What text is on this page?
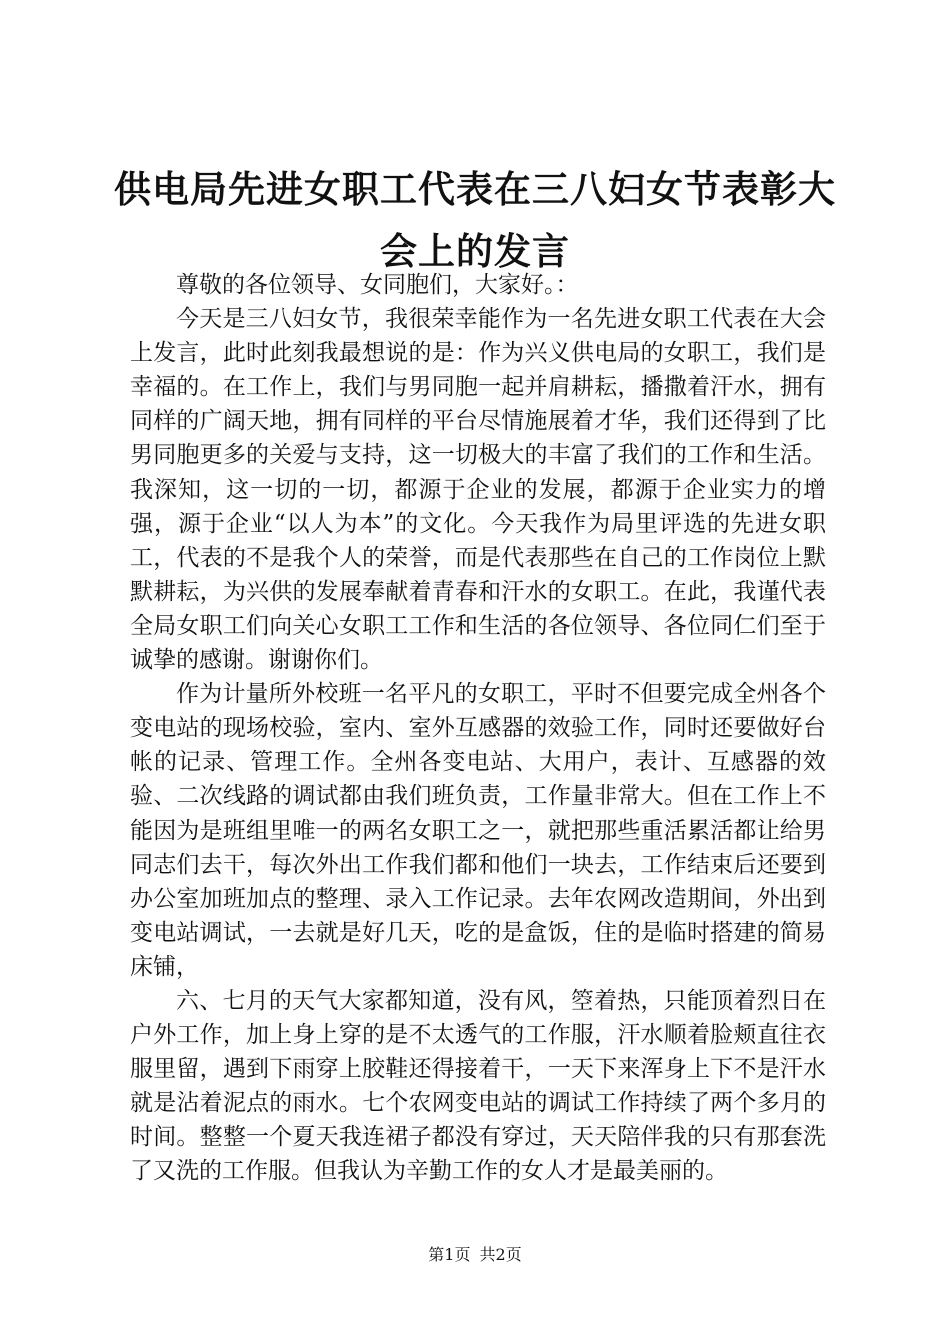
供电局先进女职工代表在三八妇女节表彰大会上的发言

尊敬的各位领导、女同胞们，大家好。：

今天是三八妇女节，我很荣幸能作为一名先进女职工代表在大会上发言，此时此刻我最想说的是：作为兴义供电局的女职工，我们是幸福的。在工作上，我们与男同胞一起并肩耕耘，播撒着汗水，拥有同样的广阔天地，拥有同样的平台尽情施展着才华，我们还得到了比男同胞更多的关爱与支持，这一切极大的丰富了我们的工作和生活。我深知，这一切的一切，都源于企业的发展，都源于企业实力的增强，源于企业“以人为本”的文化。今天我作为局里评选的先进女职工，代表的不是我个人的荣誉，而是代表那些在自己的工作岗位上默默耕耘，为兴供的发展奉献着青春和汗水的女职工。在此，我谨代表全局女职工们向关心女职工工作和生活的各位领导、各位同仁们至于诚挚的感谢。谢谢你们。

作为计量所外校班一名平凡的女职工，平时不但要完成全州各个变电站的现场校验，室内、室外互感器的效验工作，同时还要做好台帐的记录、管理工作。全州各变电站、大用户，表计、互感器的效验、二次线路的调试都由我们班负责，工作量非常大。但在工作上不能因为是班组里唯一的两名女职工之一，就把那些重活累活都让给男同志们去干，每次外出工作我们都和他们一块去，工作结束后还要到办公室加班加点的整理、录入工作记录。去年农网改造期间，外出到变电站调试，一去就是好几天，吃的是盒饭，住的是临时搭建的简易床铺，

六、七月的天气大家都知道，没有风，箜着热，只能顶着烈日在户外工作，加上身上穿的是不太透气的工作服，汗水顺着脸颊直往衣服里留，遇到下雨穿上胶鞋还得接着干，一天下来浑身上下不是汗水就是沾着泥点的雨水。七个农网变电站的调试工作持续了两个多月的时间。整整一个夏天我连裙子都没有穿过，天天陪伴我的只有那套洗了又洗的工作服。但我认为辛勤工作的女人才是最美丽的。

第1页 共2页
